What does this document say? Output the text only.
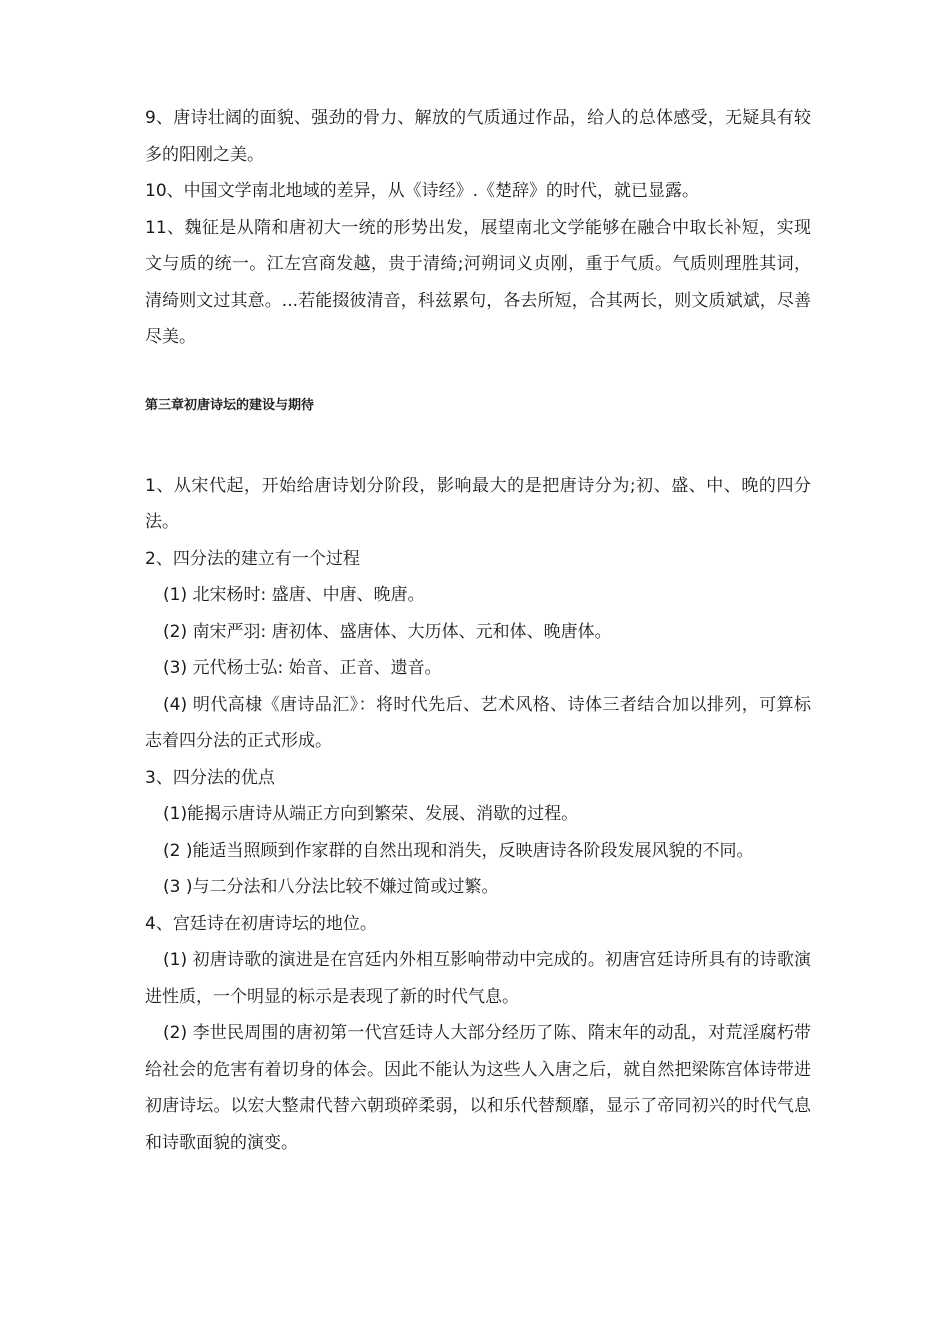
9、唐诗壮阔的面貌、强劲的骨力、解放的气质通过作品，给人的总体感受，无疑具有较多的阳刚之美。

10、中国文学南北地域的差异，从《诗经》.《楚辞》的时代，就已显露。

11、魏征是从隋和唐初大一统的形势出发，展望南北文学能够在融合中取长补短，实现文与质的统一。江左宫商发越，贵于清绮;河朔词义贞刚，重于气质。气质则理胜其词，清绮则文过其意。...若能掇彼清音，科兹累句，各去所短，合其两长，则文质斌斌，尽善尽美。

第三章初唐诗坛的建设与期待

1、从宋代起，开始给唐诗划分阶段，影响最大的是把唐诗分为;初、盛、中、晚的四分法。

2、四分法的建立有一个过程

(1) 北宋杨时: 盛唐、中唐、晚唐。

(2) 南宋严羽: 唐初体、盛唐体、大历体、元和体、晚唐体。

(3) 元代杨士弘: 始音、正音、遗音。

(4) 明代高棣《唐诗品汇》：将时代先后、艺术风格、诗体三者结合加以排列，可算标志着四分法的正式形成。

3、四分法的优点

(1)能揭示唐诗从端正方向到繁荣、发展、消歇的过程。

(2 )能适当照顾到作家群的自然出现和消失，反映唐诗各阶段发展风貌的不同。

(3 )与二分法和八分法比较不嫌过简或过繁。

4、宫廷诗在初唐诗坛的地位。

(1) 初唐诗歌的演进是在宫廷内外相互影响带动中完成的。初唐宫廷诗所具有的诗歌演进性质，一个明显的标示是表现了新的时代气息。

(2) 李世民周围的唐初第一代宫廷诗人大部分经历了陈、隋末年的动乱，对荒淫腐朽带给社会的危害有着切身的体会。因此不能认为这些人入唐之后，就自然把梁陈宫体诗带进初唐诗坛。以宏大整肃代替六朝琐碎柔弱，以和乐代替颓靡，显示了帝同初兴的时代气息和诗歌面貌的演变。
